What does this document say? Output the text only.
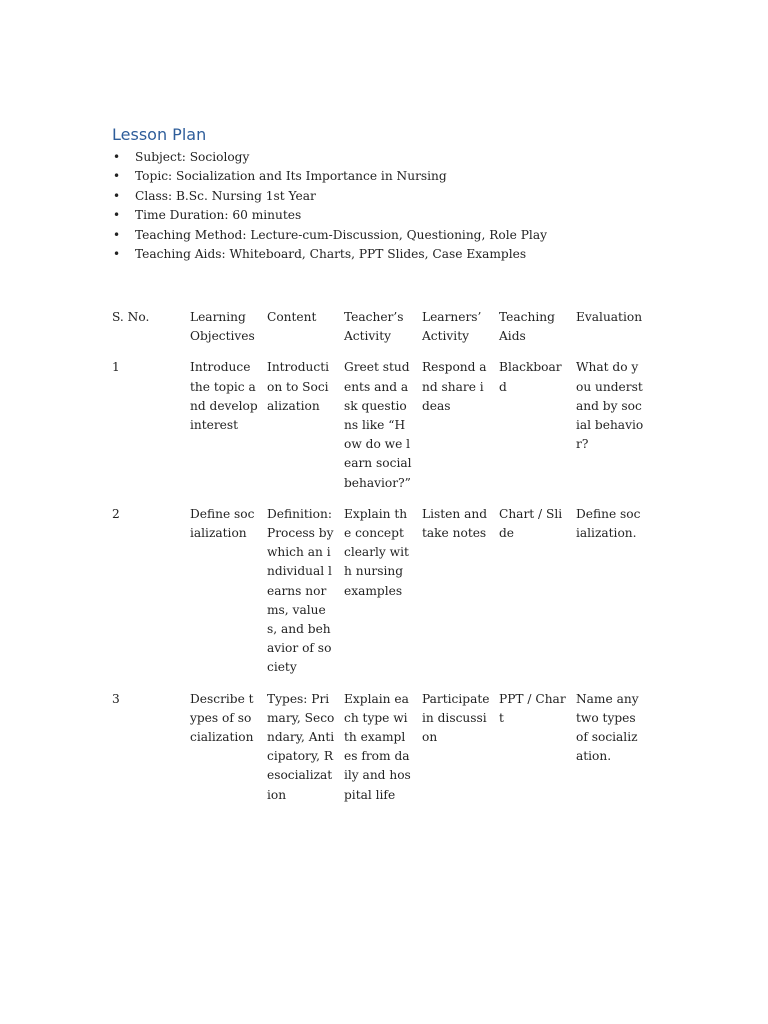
Lesson Plan
• Subject: Sociology
• Topic: Socialization and Its Importance in Nursing
• Class: B.Sc. Nursing 1st Year
• Time Duration: 60 minutes
• Teaching Method: Lecture-cum-Discussion, Questioning, Role Play
• Teaching Aids: Whiteboard, Charts, PPT Slides, Case Examples
S. No.	Learning Objectives	Content	Teacher’s Activity	Learners’ Activity	Teaching Aids	Evaluation

1	Introduce the topic and develop interest	Introduction to Socialization	Greet students and ask questions like “How do we learn social behavior?”	Respond and share ideas	Blackboard	What do you understand by social behavior?

2	Define socialization	Definition: Process by which an individual learns norms, values, and behavior of society	Explain the concept clearly with nursing examples	Listen and take notes	Chart / Slide	Define socialization.

3	Describe types of socialization	Types: Primary, Secondary, Anticipatory, Resocialization	Explain each type with examples from daily and hospital life	Participate in discussion	PPT / Chart	Name any two types of socialization.
